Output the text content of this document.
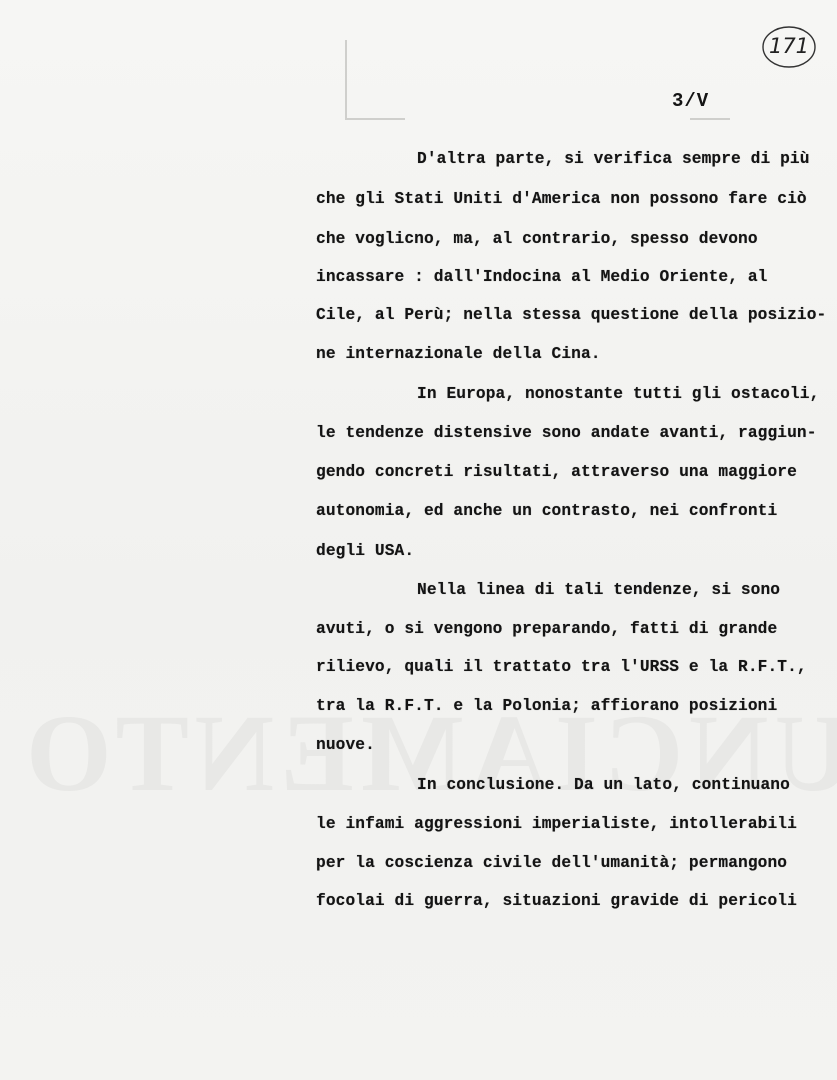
171
3/V
D'altra parte, si verifica sempre di più
che gli Stati Uniti d'America non possono fare ciò
che voglicno, ma, al contrario, spesso devono
incassare : dall'Indocina al Medio Oriente, al
Cile, al Perù; nella stessa questione della posizio-
ne internazionale della Cina.
In Europa, nonostante tutti gli ostacoli,
le tendenze distensive sono andate avanti, raggiun-
gendo concreti risultati, attraverso una maggiore
autonomia, ed anche un contrasto, nei confronti
degli USA.
Nella linea di tali tendenze, si sono
avuti, o si vengono preparando, fatti di grande
rilievo, quali il trattato tra l'URSS e la R.F.T.,
tra la R.F.T. e la Polonia; affiorano posizioni
nuove.
In conclusione. Da un lato, continuano
le infami aggressioni imperialiste, intollerabili
per la coscienza civile dell'umanità; permangono
focolai di guerra, situazioni gravide di pericoli
